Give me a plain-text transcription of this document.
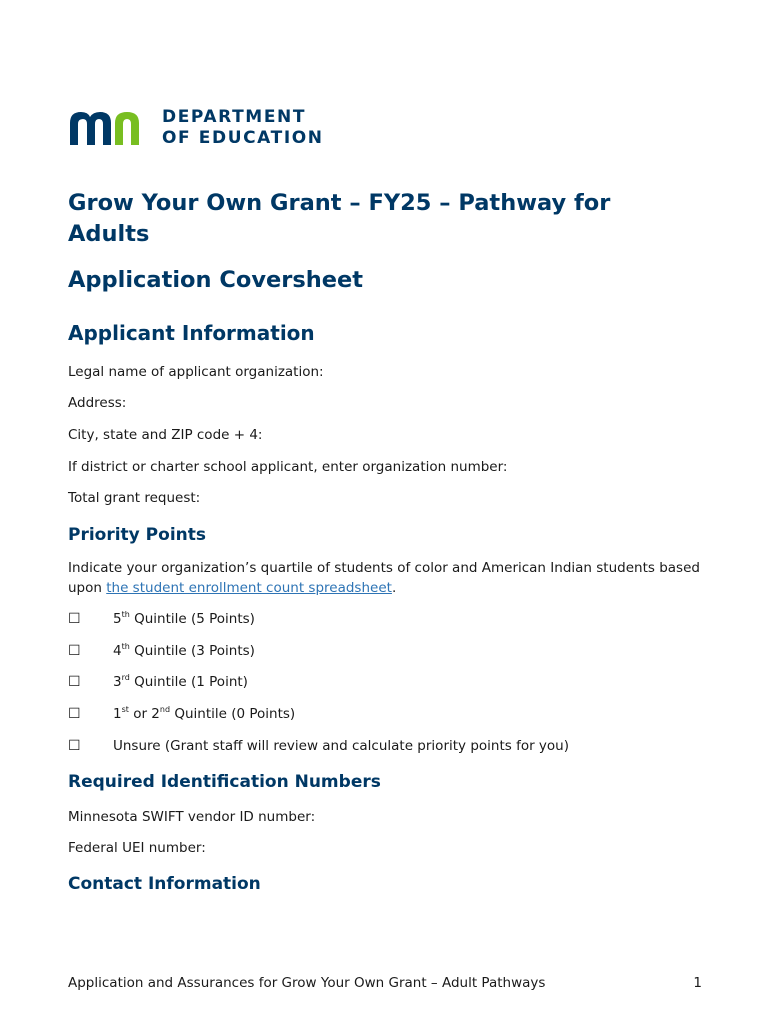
DEPARTMENT
OF EDUCATION
Grow Your Own Grant – FY25 – Pathway for Adults
Application Coversheet
Applicant Information
Legal name of applicant organization:
Address:
City, state and ZIP code + 4:
If district or charter school applicant, enter organization number:
Total grant request:
Priority Points
Indicate your organization’s quartile of students of color and American Indian students based upon the student enrollment count spreadsheet.
☐ 5th Quintile (5 Points)
☐ 4th Quintile (3 Points)
☐ 3rd Quintile (1 Point)
☐ 1st or 2nd Quintile (0 Points)
☐ Unsure (Grant staff will review and calculate priority points for you)
Required Identification Numbers
Minnesota SWIFT vendor ID number:
Federal UEI number:
Contact Information
Application and Assurances for Grow Your Own Grant – Adult Pathways	1
